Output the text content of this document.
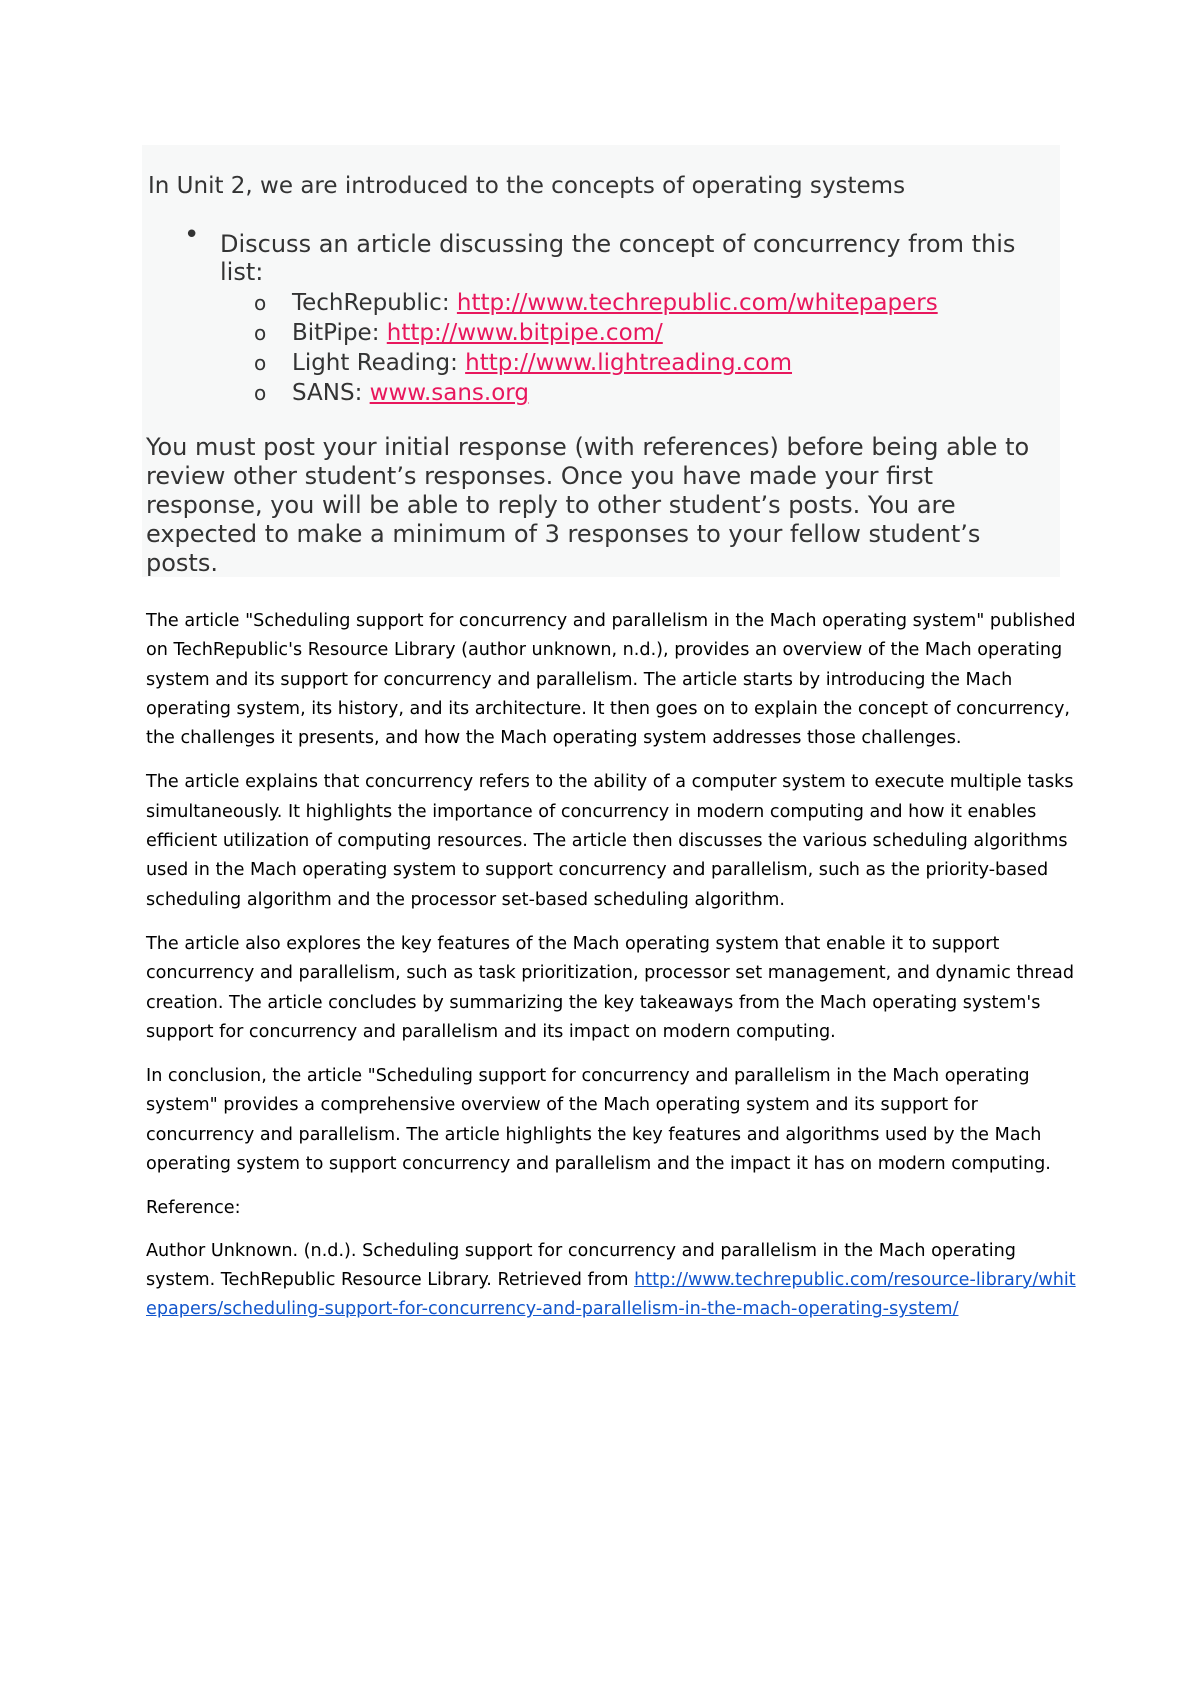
In Unit 2, we are introduced to the concepts of operating systems
• Discuss an article discussing the concept of concurrency from this list:
o TechRepublic: http://www.techrepublic.com/whitepapers
o BitPipe: http://www.bitpipe.com/
o Light Reading: http://www.lightreading.com
o SANS: www.sans.org
You must post your initial response (with references) before being able to review other student’s responses. Once you have made your first response, you will be able to reply to other student’s posts. You are expected to make a minimum of 3 responses to your fellow student’s posts.

The article "Scheduling support for concurrency and parallelism in the Mach operating system" published on TechRepublic's Resource Library (author unknown, n.d.), provides an overview of the Mach operating system and its support for concurrency and parallelism. The article starts by introducing the Mach operating system, its history, and its architecture. It then goes on to explain the concept of concurrency, the challenges it presents, and how the Mach operating system addresses those challenges.

The article explains that concurrency refers to the ability of a computer system to execute multiple tasks simultaneously. It highlights the importance of concurrency in modern computing and how it enables efficient utilization of computing resources. The article then discusses the various scheduling algorithms used in the Mach operating system to support concurrency and parallelism, such as the priority-based scheduling algorithm and the processor set-based scheduling algorithm.

The article also explores the key features of the Mach operating system that enable it to support concurrency and parallelism, such as task prioritization, processor set management, and dynamic thread creation. The article concludes by summarizing the key takeaways from the Mach operating system's support for concurrency and parallelism and its impact on modern computing.

In conclusion, the article "Scheduling support for concurrency and parallelism in the Mach operating system" provides a comprehensive overview of the Mach operating system and its support for concurrency and parallelism. The article highlights the key features and algorithms used by the Mach operating system to support concurrency and parallelism and the impact it has on modern computing.

Reference:

Author Unknown. (n.d.). Scheduling support for concurrency and parallelism in the Mach operating system. TechRepublic Resource Library. Retrieved from http://www.techrepublic.com/resource-library/whitepapers/scheduling-support-for-concurrency-and-parallelism-in-the-mach-operating-system/
